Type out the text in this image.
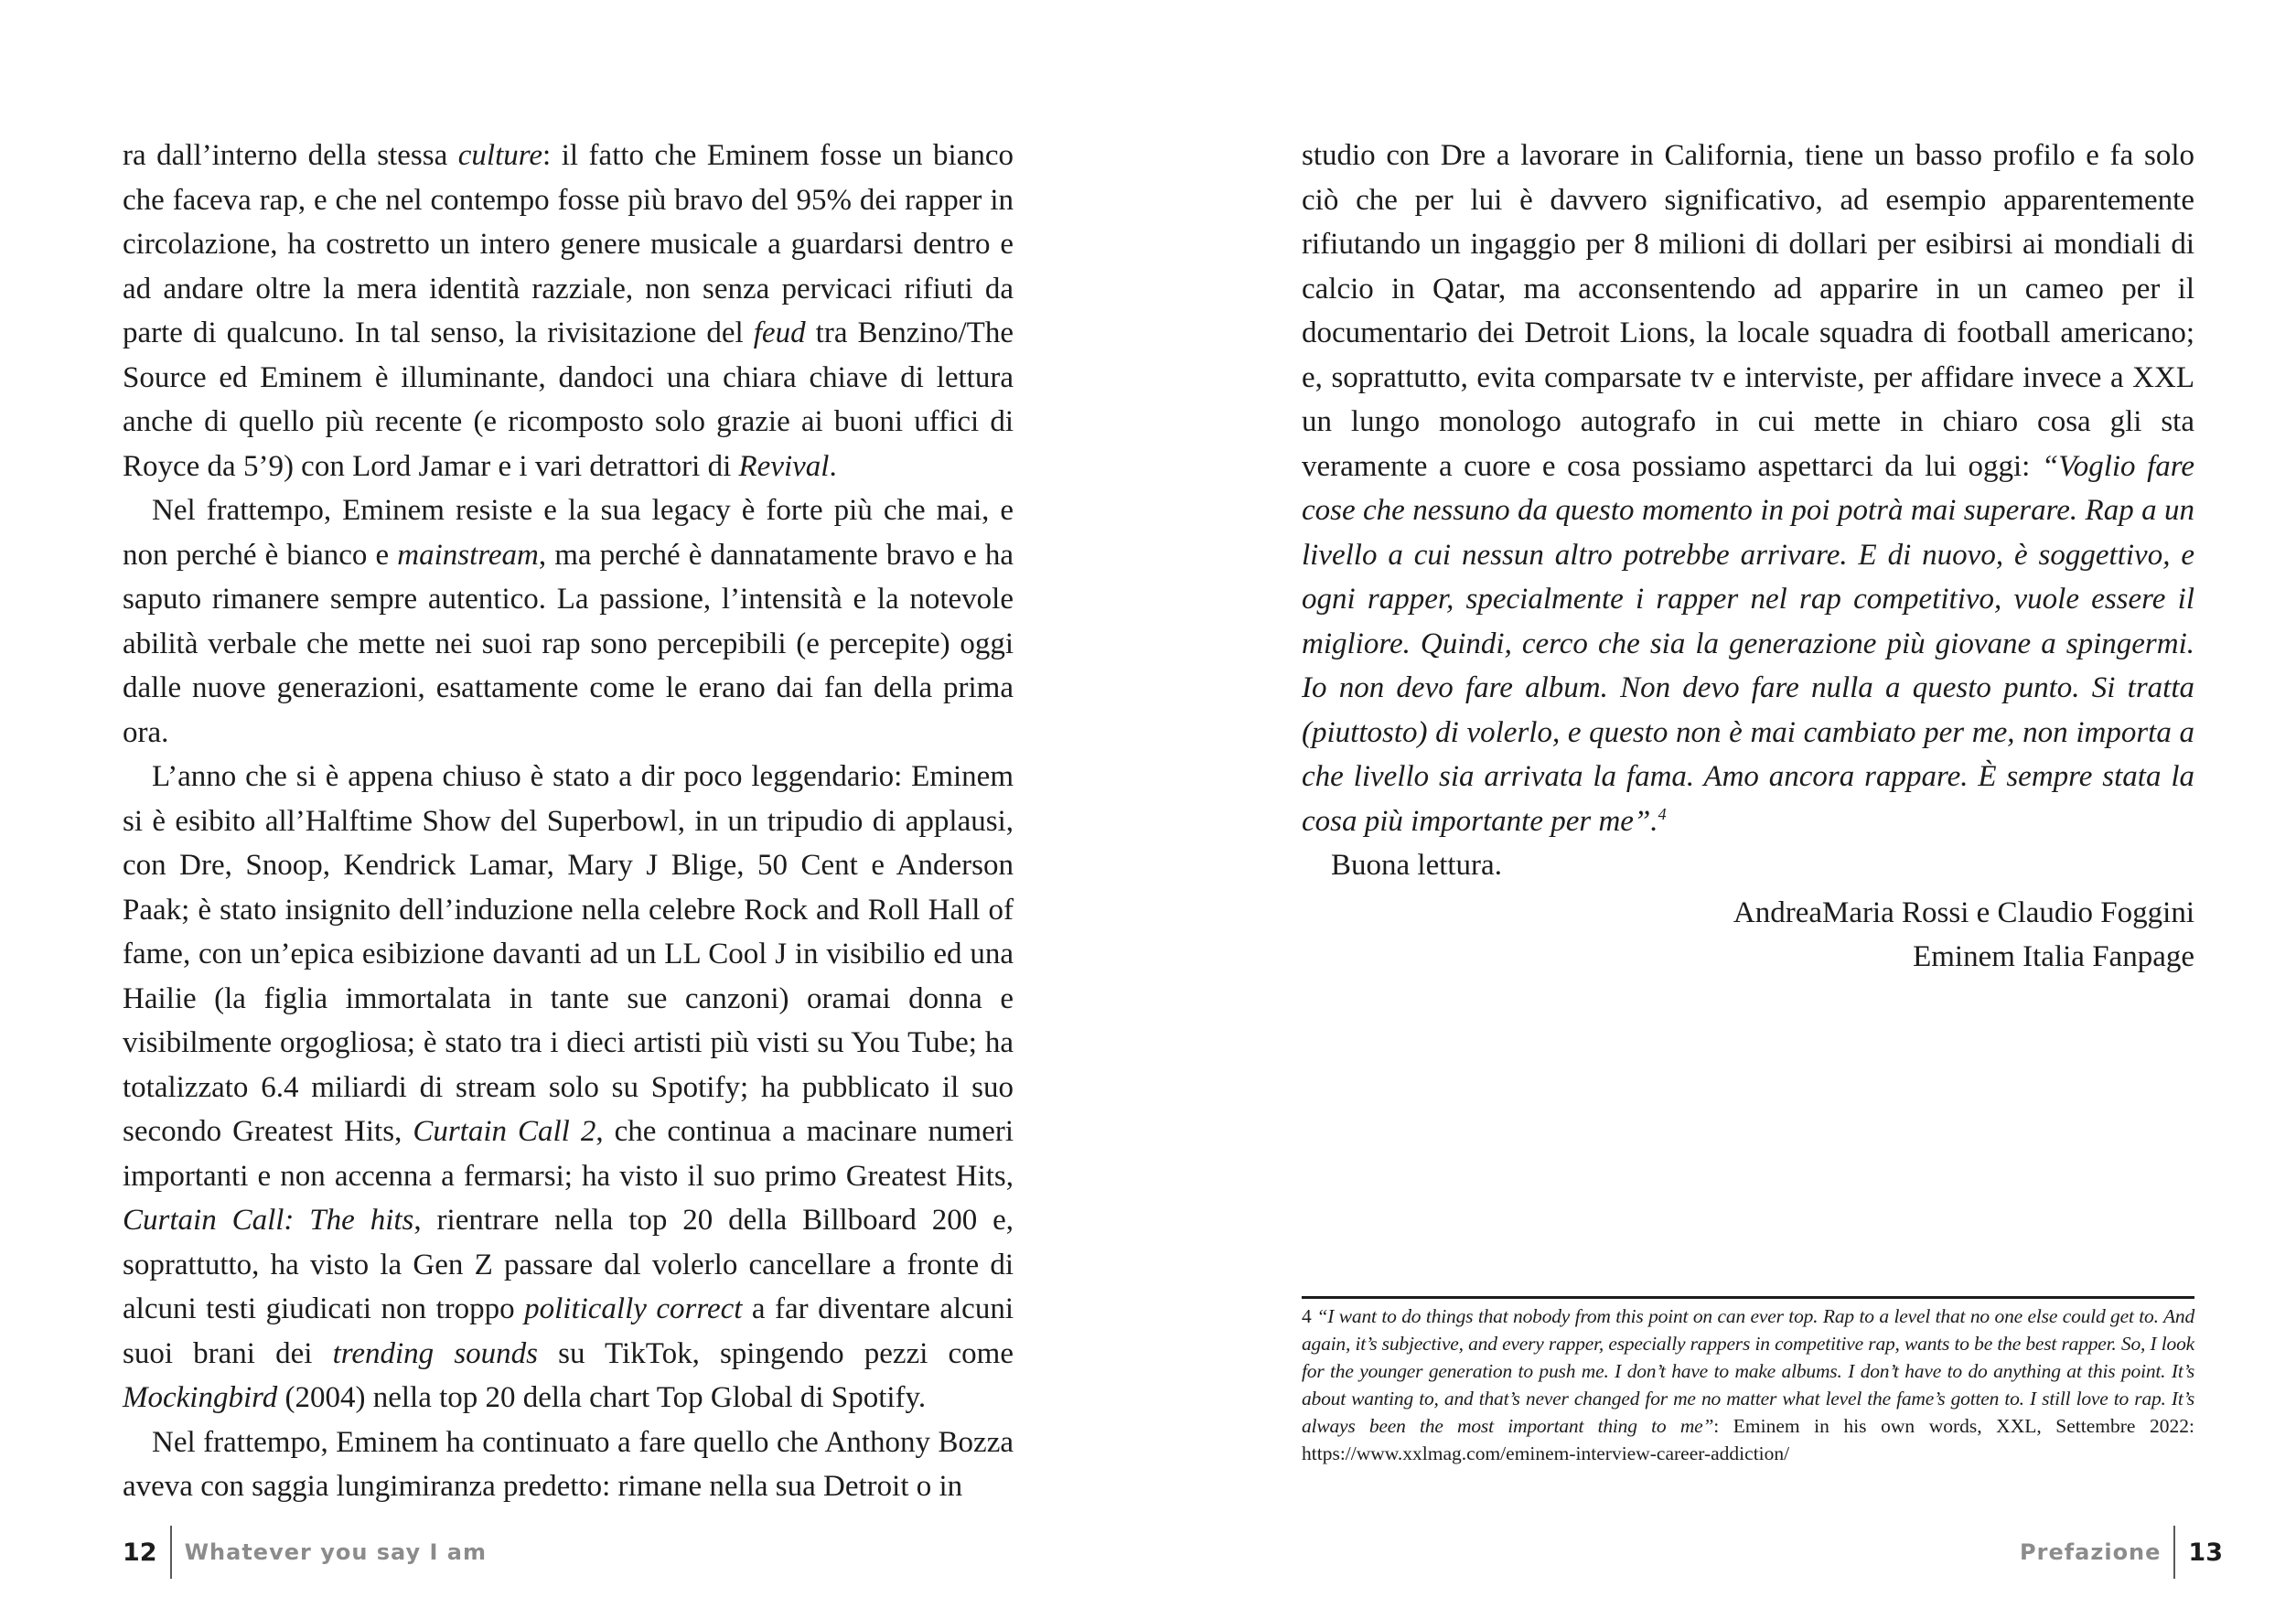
ra dall’interno della stessa culture: il fatto che Eminem fosse un bianco che faceva rap, e che nel contempo fosse più bravo del 95% dei rapper in circolazione, ha costretto un intero genere musicale a guardarsi dentro e ad andare oltre la mera identità razziale, non senza pervicaci rifiuti da parte di qualcuno. In tal senso, la rivisitazione del feud tra Benzino/The Source ed Eminem è illuminante, dandoci una chiara chiave di lettura anche di quello più recente (e ricomposto solo grazie ai buoni uffici di Royce da 5’9) con Lord Jamar e i vari detrattori di Revival.

Nel frattempo, Eminem resiste e la sua legacy è forte più che mai, e non perché è bianco e mainstream, ma perché è dannatamente bravo e ha saputo rimanere sempre autentico. La passione, l’intensità e la notevole abilità verbale che mette nei suoi rap sono percepibili (e percepite) oggi dalle nuove generazioni, esattamente come le erano dai fan della prima ora.

L’anno che si è appena chiuso è stato a dir poco leggendario: Eminem si è esibito all’Halftime Show del Superbowl, in un tripudio di applausi, con Dre, Snoop, Kendrick Lamar, Mary J Blige, 50 Cent e Anderson Paak; è stato insignito dell’induzione nella celebre Rock and Roll Hall of fame, con un’epica esibizione davanti ad un LL Cool J in visibilio ed una Hailie (la figlia immortalata in tante sue canzoni) oramai donna e visibilmente orgogliosa; è stato tra i dieci artisti più visti su You Tube; ha totalizzato 6.4 miliardi di stream solo su Spotify; ha pubblicato il suo secondo Greatest Hits, Curtain Call 2, che continua a macinare numeri importanti e non accenna a fermarsi; ha visto il suo primo Greatest Hits, Curtain Call: The hits, rientrare nella top 20 della Billboard 200 e, soprattutto, ha visto la Gen Z passare dal volerlo cancellare a fronte di alcuni testi giudicati non troppo politically correct a far diventare alcuni suoi brani dei trending sounds su TikTok, spingendo pezzi come Mockingbird (2004) nella top 20 della chart Top Global di Spotify.

Nel frattempo, Eminem ha continuato a fare quello che Anthony Bozza aveva con saggia lungimiranza predetto: rimane nella sua Detroit o in

12 Whatever you say I am

studio con Dre a lavorare in California, tiene un basso profilo e fa solo ciò che per lui è davvero significativo, ad esempio apparentemente rifiutando un ingaggio per 8 milioni di dollari per esibirsi ai mondiali di calcio in Qatar, ma acconsentendo ad apparire in un cameo per il documentario dei Detroit Lions, la locale squadra di football americano; e, soprattutto, evita comparsate tv e interviste, per affidare invece a XXL un lungo monologo autografo in cui mette in chiaro cosa gli sta veramente a cuore e cosa possiamo aspettarci da lui oggi: “Voglio fare cose che nessuno da questo momento in poi potrà mai superare. Rap a un livello a cui nessun altro potrebbe arrivare. E di nuovo, è soggettivo, e ogni rapper, specialmente i rapper nel rap competitivo, vuole essere il migliore. Quindi, cerco che sia la generazione più giovane a spingermi. Io non devo fare album. Non devo fare nulla a questo punto. Si tratta (piuttosto) di volerlo, e questo non è mai cambiato per me, non importa a che livello sia arrivata la fama. Amo ancora rappare. È sempre stata la cosa più importante per me”.$^4$

Buona lettura.

AndreaMaria Rossi e Claudio Foggini
Eminem Italia Fanpage
4 “I want to do things that nobody from this point on can ever top. Rap to a level that no one else could get to. And again, it’s subjective, and every rapper, especially rappers in competitive rap, wants to be the best rapper. So, I look for the younger generation to push me. I don’t have to make albums. I don’t have to do anything at this point. It’s about wanting to, and that’s never changed for me no matter what level the fame’s gotten to. I still love to rap. It’s always been the most important thing to me”: Eminem in his own words, XXL, Settembre 2022: https://www.xxlmag.com/eminem-interview-career-addiction/
Prefazione 13
